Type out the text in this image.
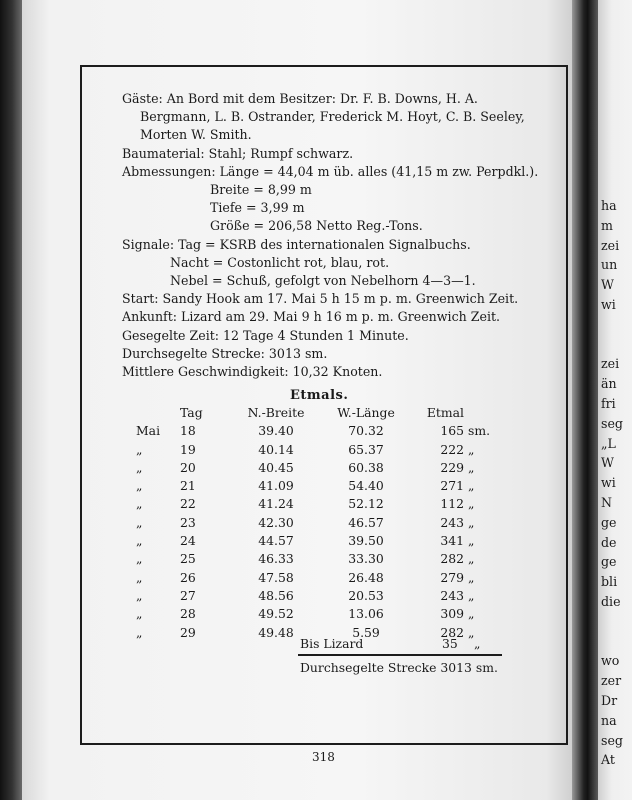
ha
m
zei
un
W
wi

zei
än
fri
seg
„L
W
wi
N
ge
de
ge
bli
die

wo
zer
Dr
na
seg
At
Gäste: An Bord mit dem Besitzer: Dr. F. B. Downs, H. A.
Bergmann, L. B. Ostrander, Frederick M. Hoyt, C. B. Seeley,
Morten W. Smith.
Baumaterial: Stahl; Rumpf schwarz.
Abmessungen: Länge = 44,04 m üb. alles (41,15 m zw. Perpdkl.).
Breite = 8,99 m
Tiefe = 3,99 m
Größe = 206,58 Netto Reg.-Tons.
Signale: Tag = KSRB des internationalen Signalbuchs.
Nacht = Costonlicht rot, blau, rot.
Nebel = Schuß, gefolgt von Nebelhorn 4—3—1.
Start: Sandy Hook am 17. Mai 5 h 15 m p. m. Greenwich Zeit.
Ankunft: Lizard am 29. Mai 9 h 16 m p. m. Greenwich Zeit.
Gesegelte Zeit: 12 Tage 4 Stunden 1 Minute.
Durchsegelte Strecke: 3013 sm.
Mittlere Geschwindigkeit: 10,32 Knoten.
Etmals.
	Tag	N.-Breite	W.-Länge	Etmal	
Mai	18	39.40	70.32	165	sm.
„	19	40.14	65.37	222	„
„	20	40.45	60.38	229	„
„	21	41.09	54.40	271	„
„	22	41.24	52.12	112	„
„	23	42.30	46.57	243	„
„	24	44.57	39.50	341	„
„	25	46.33	33.30	282	„
„	26	47.58	26.48	279	„
„	27	48.56	20.53	243	„
„	28	49.52	13.06	309	„
„	29	49.48	5.59	282	„
Bis Lizard	35 „
Durchsegelte Strecke 3013 sm.
318
